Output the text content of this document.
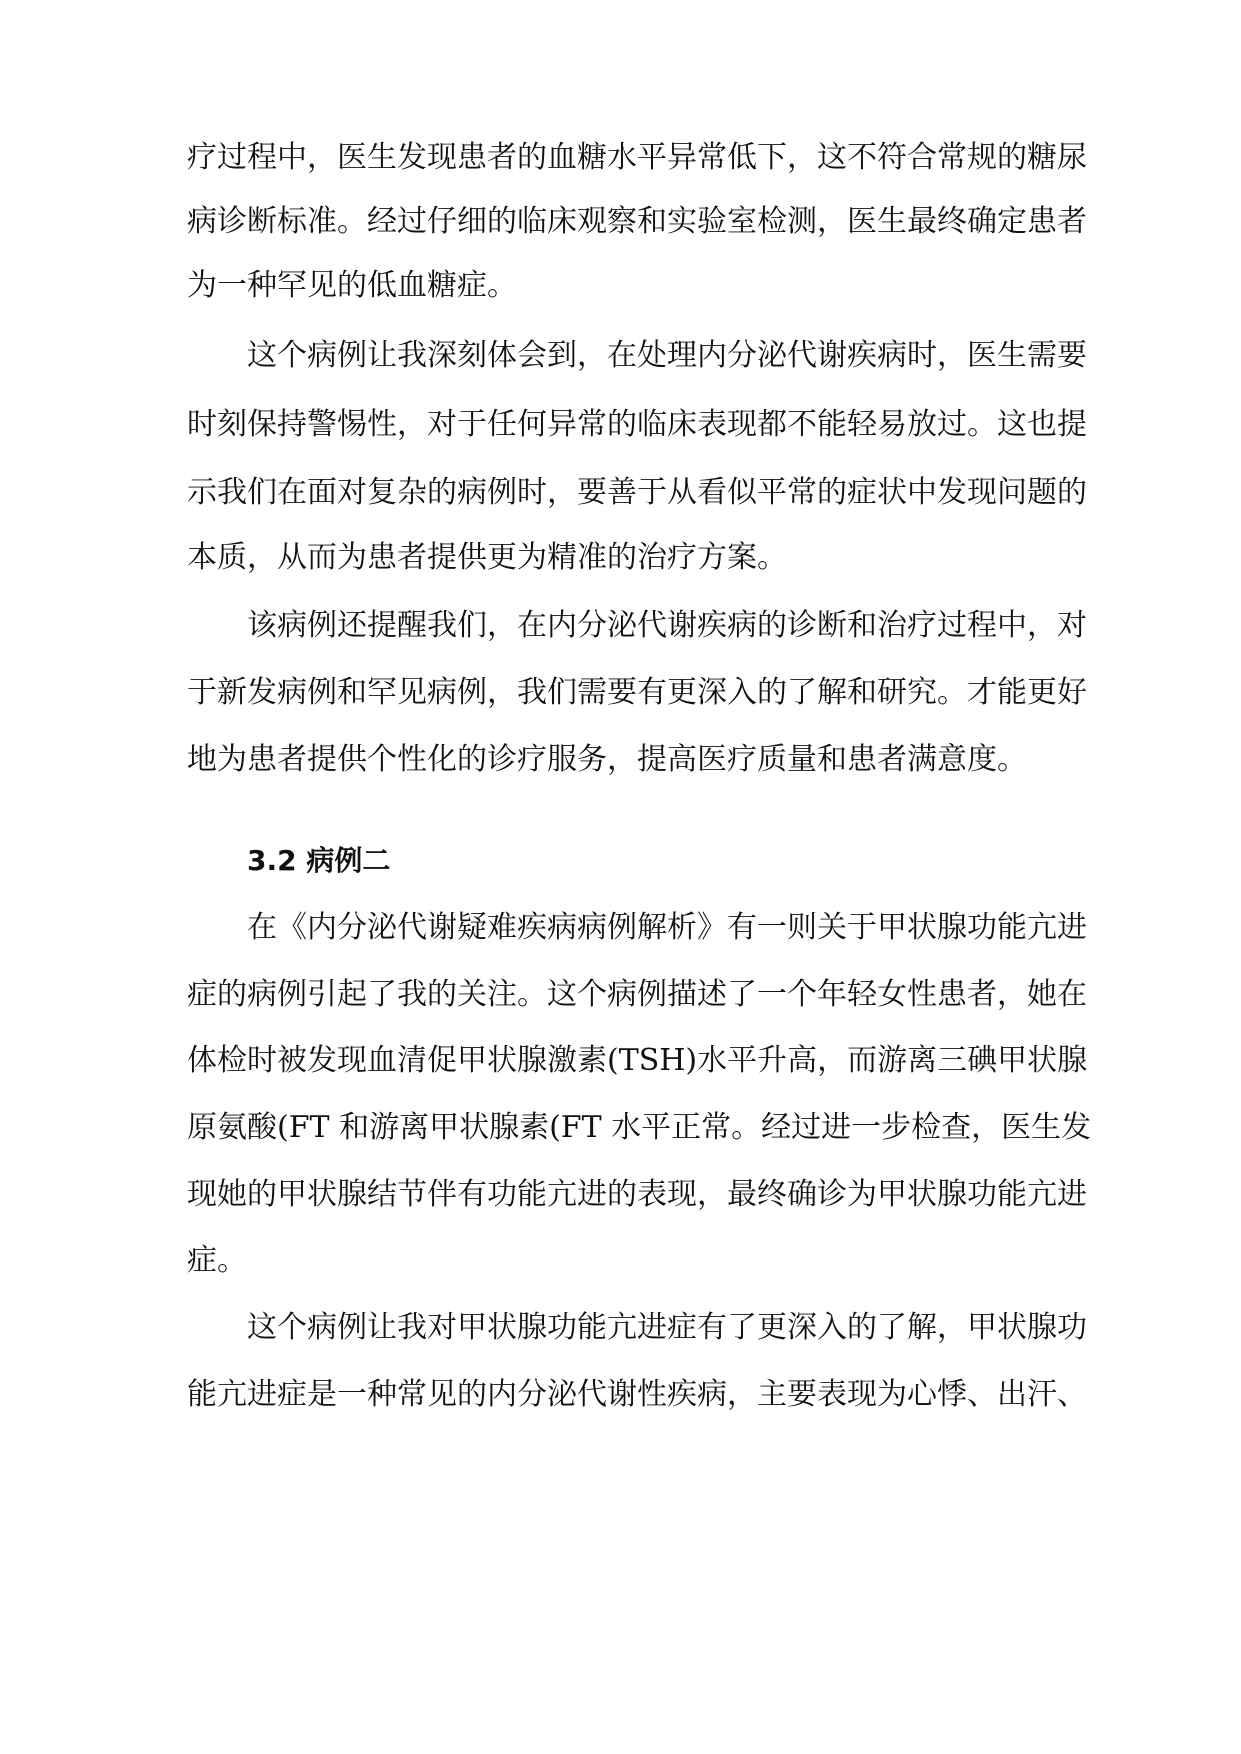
疗过程中，医生发现患者的血糖水平异常低下，这不符合常规的糖尿
病诊断标准。经过仔细的临床观察和实验室检测，医生最终确定患者
为一种罕见的低血糖症。
这个病例让我深刻体会到，在处理内分泌代谢疾病时，医生需要
时刻保持警惕性，对于任何异常的临床表现都不能轻易放过。这也提
示我们在面对复杂的病例时，要善于从看似平常的症状中发现问题的
本质，从而为患者提供更为精准的治疗方案。
该病例还提醒我们，在内分泌代谢疾病的诊断和治疗过程中，对
于新发病例和罕见病例，我们需要有更深入的了解和研究。才能更好
地为患者提供个性化的诊疗服务，提高医疗质量和患者满意度。
3.2 病例二
在《内分泌代谢疑难疾病病例解析》有一则关于甲状腺功能亢进
症的病例引起了我的关注。这个病例描述了一个年轻女性患者，她在
体检时被发现血清促甲状腺激素(TSH)水平升高，而游离三碘甲状腺
原氨酸(FT 和游离甲状腺素(FT 水平正常。经过进一步检查，医生发
现她的甲状腺结节伴有功能亢进的表现，最终确诊为甲状腺功能亢进
症。
这个病例让我对甲状腺功能亢进症有了更深入的了解，甲状腺功
能亢进症是一种常见的内分泌代谢性疾病，主要表现为心悸、出汗、
